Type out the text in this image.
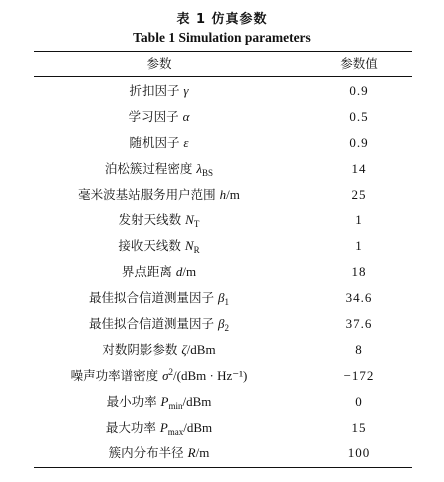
表 1 仿真参数
Table 1 Simulation parameters
参数	参数值
折扣因子 γ	0.9
学习因子 α	0.5
随机因子 ε	0.9
泊松簇过程密度 $\lambda_{BS}$	14
毫米波基站服务用户范围 h/m	25
发射天线数 $N_T$	1
接收天线数 $N_R$	1
界点距离 d/m	18
最佳拟合信道测量因子 $\beta_1$	34.6
最佳拟合信道测量因子 $\beta_2$	37.6
对数阴影参数 ζ/dBm	8
噪声功率谱密度 $\sigma^2/(dBm \cdot Hz^{-1})$	−172
最小功率 $P_{min}$/dBm	0
最大功率 $P_{max}$/dBm	15
簇内分布半径 R/m	100
